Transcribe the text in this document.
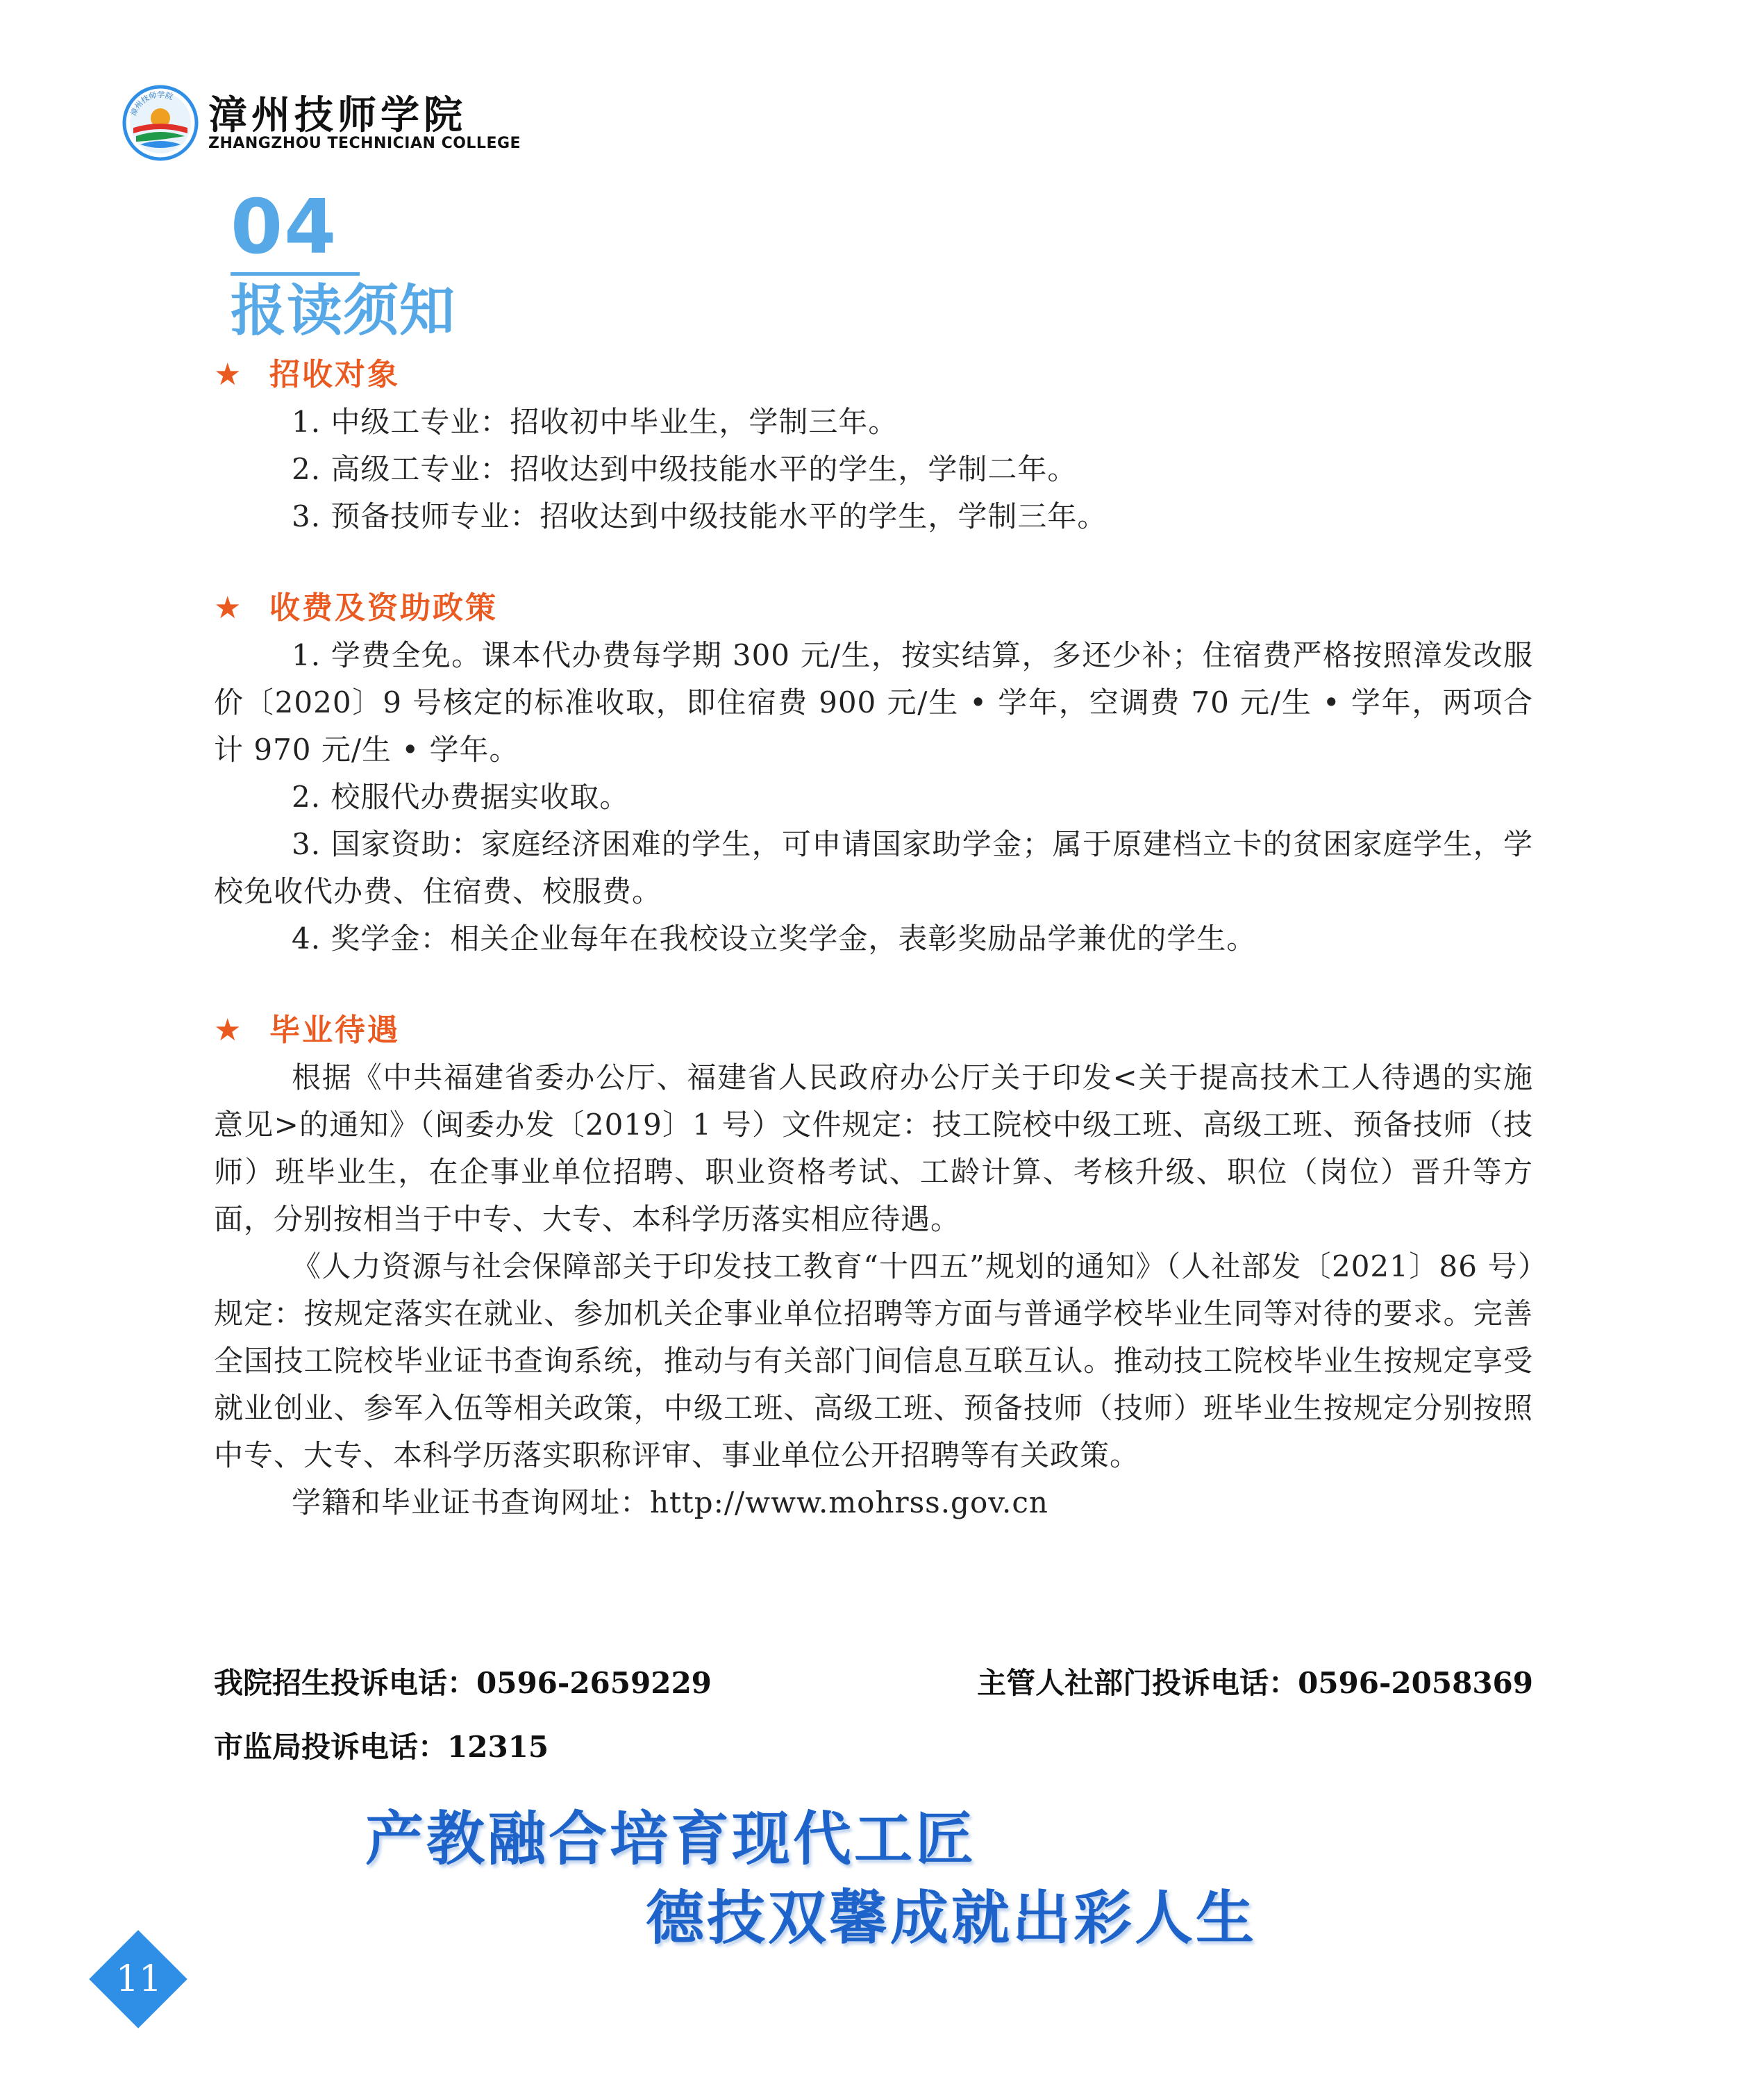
漳州技师学院 漳州技师学院
ZHANGZHOU TECHNICIAN COLLEGE
04
报读须知
★ 招收对象

1. 中级工专业：招收初中毕业生，学制三年。

2. 高级工专业：招收达到中级技能水平的学生，学制二年。

3. 预备技师专业：招收达到中级技能水平的学生，学制三年。

★ 收费及资助政策

1. 学费全免。课本代办费每学期 300 元/生，按实结算，多还少补；住宿费严格按照漳发改服价〔2020〕9 号核定的标准收取，即住宿费 900 元/生 • 学年，空调费 70 元/生 • 学年，两项合计 970 元/生 • 学年。

2. 校服代办费据实收取。

3. 国家资助：家庭经济困难的学生，可申请国家助学金；属于原建档立卡的贫困家庭学生，学校免收代办费、住宿费、校服费。

4. 奖学金：相关企业每年在我校设立奖学金，表彰奖励品学兼优的学生。

★ 毕业待遇

根据《中共福建省委办公厅、福建省人民政府办公厅关于印发<关于提高技术工人待遇的实施意见>的通知》（闽委办发〔2019〕1 号）文件规定：技工院校中级工班、高级工班、预备技师（技师）班毕业生，在企事业单位招聘、职业资格考试、工龄计算、考核升级、职位（岗位）晋升等方面，分别按相当于中专、大专、本科学历落实相应待遇。

《人力资源与社会保障部关于印发技工教育“十四五”规划的通知》（人社部发〔2021〕86 号）规定：按规定落实在就业、参加机关企事业单位招聘等方面与普通学校毕业生同等对待的要求。完善全国技工院校毕业证书查询系统，推动与有关部门间信息互联互认。推动技工院校毕业生按规定享受就业创业、参军入伍等相关政策，中级工班、高级工班、预备技师（技师）班毕业生按规定分别按照中专、大专、本科学历落实职称评审、事业单位公开招聘等有关政策。

学籍和毕业证书查询网址：http://www.mohrss.gov.cn

我院招生投诉电话：0596-2659229	主管人社部门投诉电话：0596-2058369
市监局投诉电话：12315
产教融合培育现代工匠
德技双馨成就出彩人生
11
